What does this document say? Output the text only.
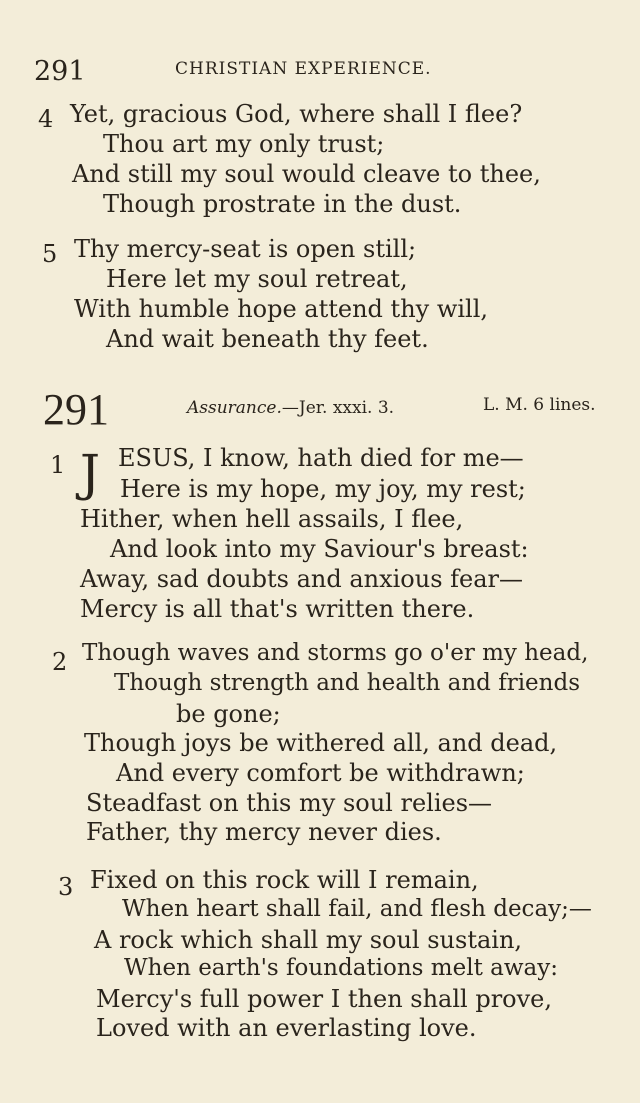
291	CHRISTIAN EXPERIENCE.
4 Yet, gracious God, where shall I flee?
Thou art my only trust;
And still my soul would cleave to thee,
Though prostrate in the dust.
5 Thy mercy-seat is open still;
Here let my soul retreat,
With humble hope attend thy will,
And wait beneath thy feet.
291	Assurance.—Jer. xxxi. 3.	L. M. 6 lines.
1 J ESUS, I know, hath died for me—
Here is my hope, my joy, my rest;
Hither, when hell assails, I flee,
And look into my Saviour's breast:
Away, sad doubts and anxious fear—
Mercy is all that's written there.
2 Though waves and storms go o'er my head,
Though strength and health and friends
be gone;
Though joys be withered all, and dead,
And every comfort be withdrawn;
Steadfast on this my soul relies—
Father, thy mercy never dies.
3 Fixed on this rock will I remain,
When heart shall fail, and flesh decay;—
A rock which shall my soul sustain,
When earth's foundations melt away:
Mercy's full power I then shall prove,
Loved with an everlasting love.
